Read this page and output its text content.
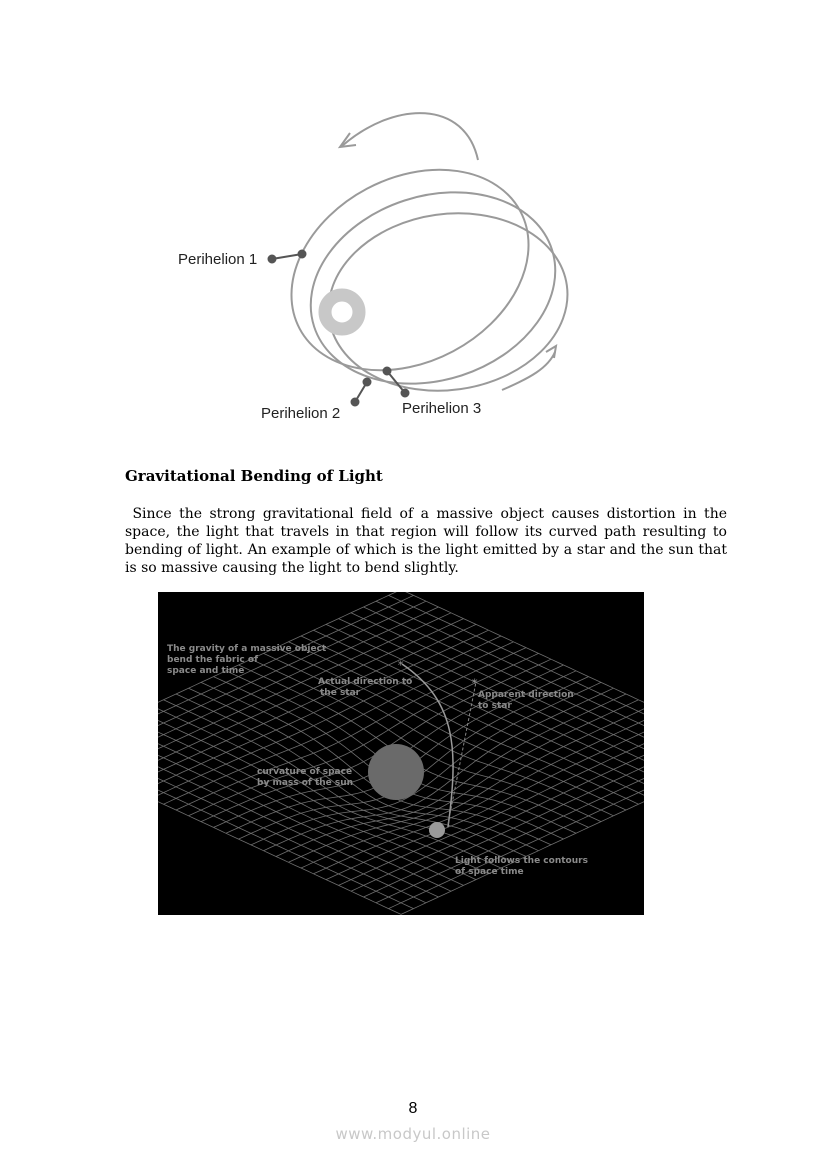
Perihelion 1
Perihelion 2	Perihelion 3
Gravitational Bending of Light

Since the strong gravitational field of a massive object causes distortion in the space, the light that travels in that region will follow its curved path resulting to bending of light. An example of which is the light emitted by a star and the sun that is so massive causing the light to bend slightly.

*
*
The gravity of a massive object
bend the fabric of
space and time
Actual direction to
the star	Apparent direction
to star
curvature of space
by mass of the sun
Light follows the contours
of space time
8
www.modyul.online
